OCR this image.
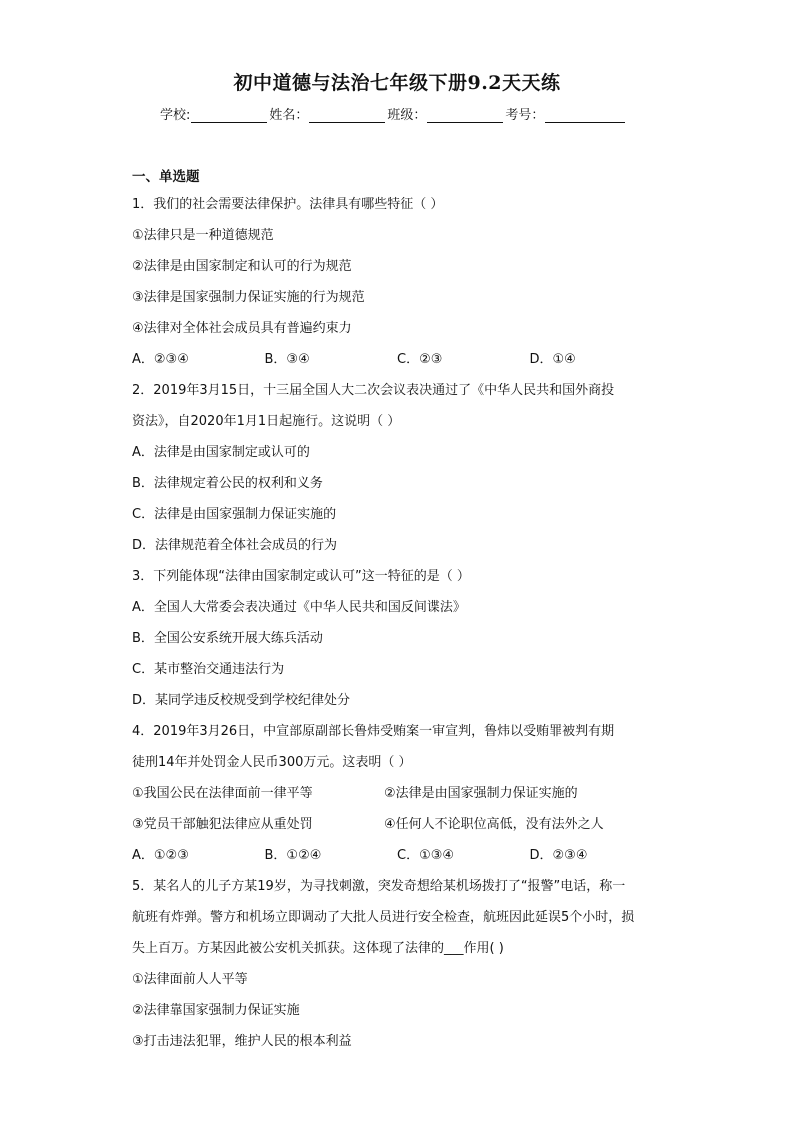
初中道德与法治七年级下册9.2天天练
学校:	姓名：	班级：	考号：
一、单选题
1．我们的社会需要法律保护。法律具有哪些特征（ ）
①法律只是一种道德规范
②法律是由国家制定和认可的行为规范
③法律是国家强制力保证实施的行为规范
④法律对全体社会成员具有普遍约束力
A．②③④	B．③④	C．②③	D．①④
2．2019年3月15日，十三届全国人大二次会议表决通过了《中华人民共和国外商投
资法》，自2020年1月1日起施行。这说明（ ）
A．法律是由国家制定或认可的
B．法律规定着公民的权利和义务
C．法律是由国家强制力保证实施的
D．法律规范着全体社会成员的行为
3．下列能体现“法律由国家制定或认可”这一特征的是（ ）
A．全国人大常委会表决通过《中华人民共和国反间谍法》
B．全国公安系统开展大练兵活动
C．某市整治交通违法行为
D．某同学违反校规受到学校纪律处分
4．2019年3月26日，中宣部原副部长鲁炜受贿案一审宣判，鲁炜以受贿罪被判有期
徒刑14年并处罚金人民币300万元。这表明（ ）
①我国公民在法律面前一律平等	②法律是由国家强制力保证实施的
③党员干部触犯法律应从重处罚	④任何人不论职位高低，没有法外之人
A．①②③	B．①②④	C．①③④	D．②③④
5．某名人的儿子方某19岁，为寻找刺激，突发奇想给某机场拨打了“报警”电话，称一
航班有炸弹。警方和机场立即调动了大批人员进行安全检查，航班因此延误5个小时，损
失上百万。方某因此被公安机关抓获。这体现了法律的___作用( )
①法律面前人人平等
②法律靠国家强制力保证实施
③打击违法犯罪，维护人民的根本利益
